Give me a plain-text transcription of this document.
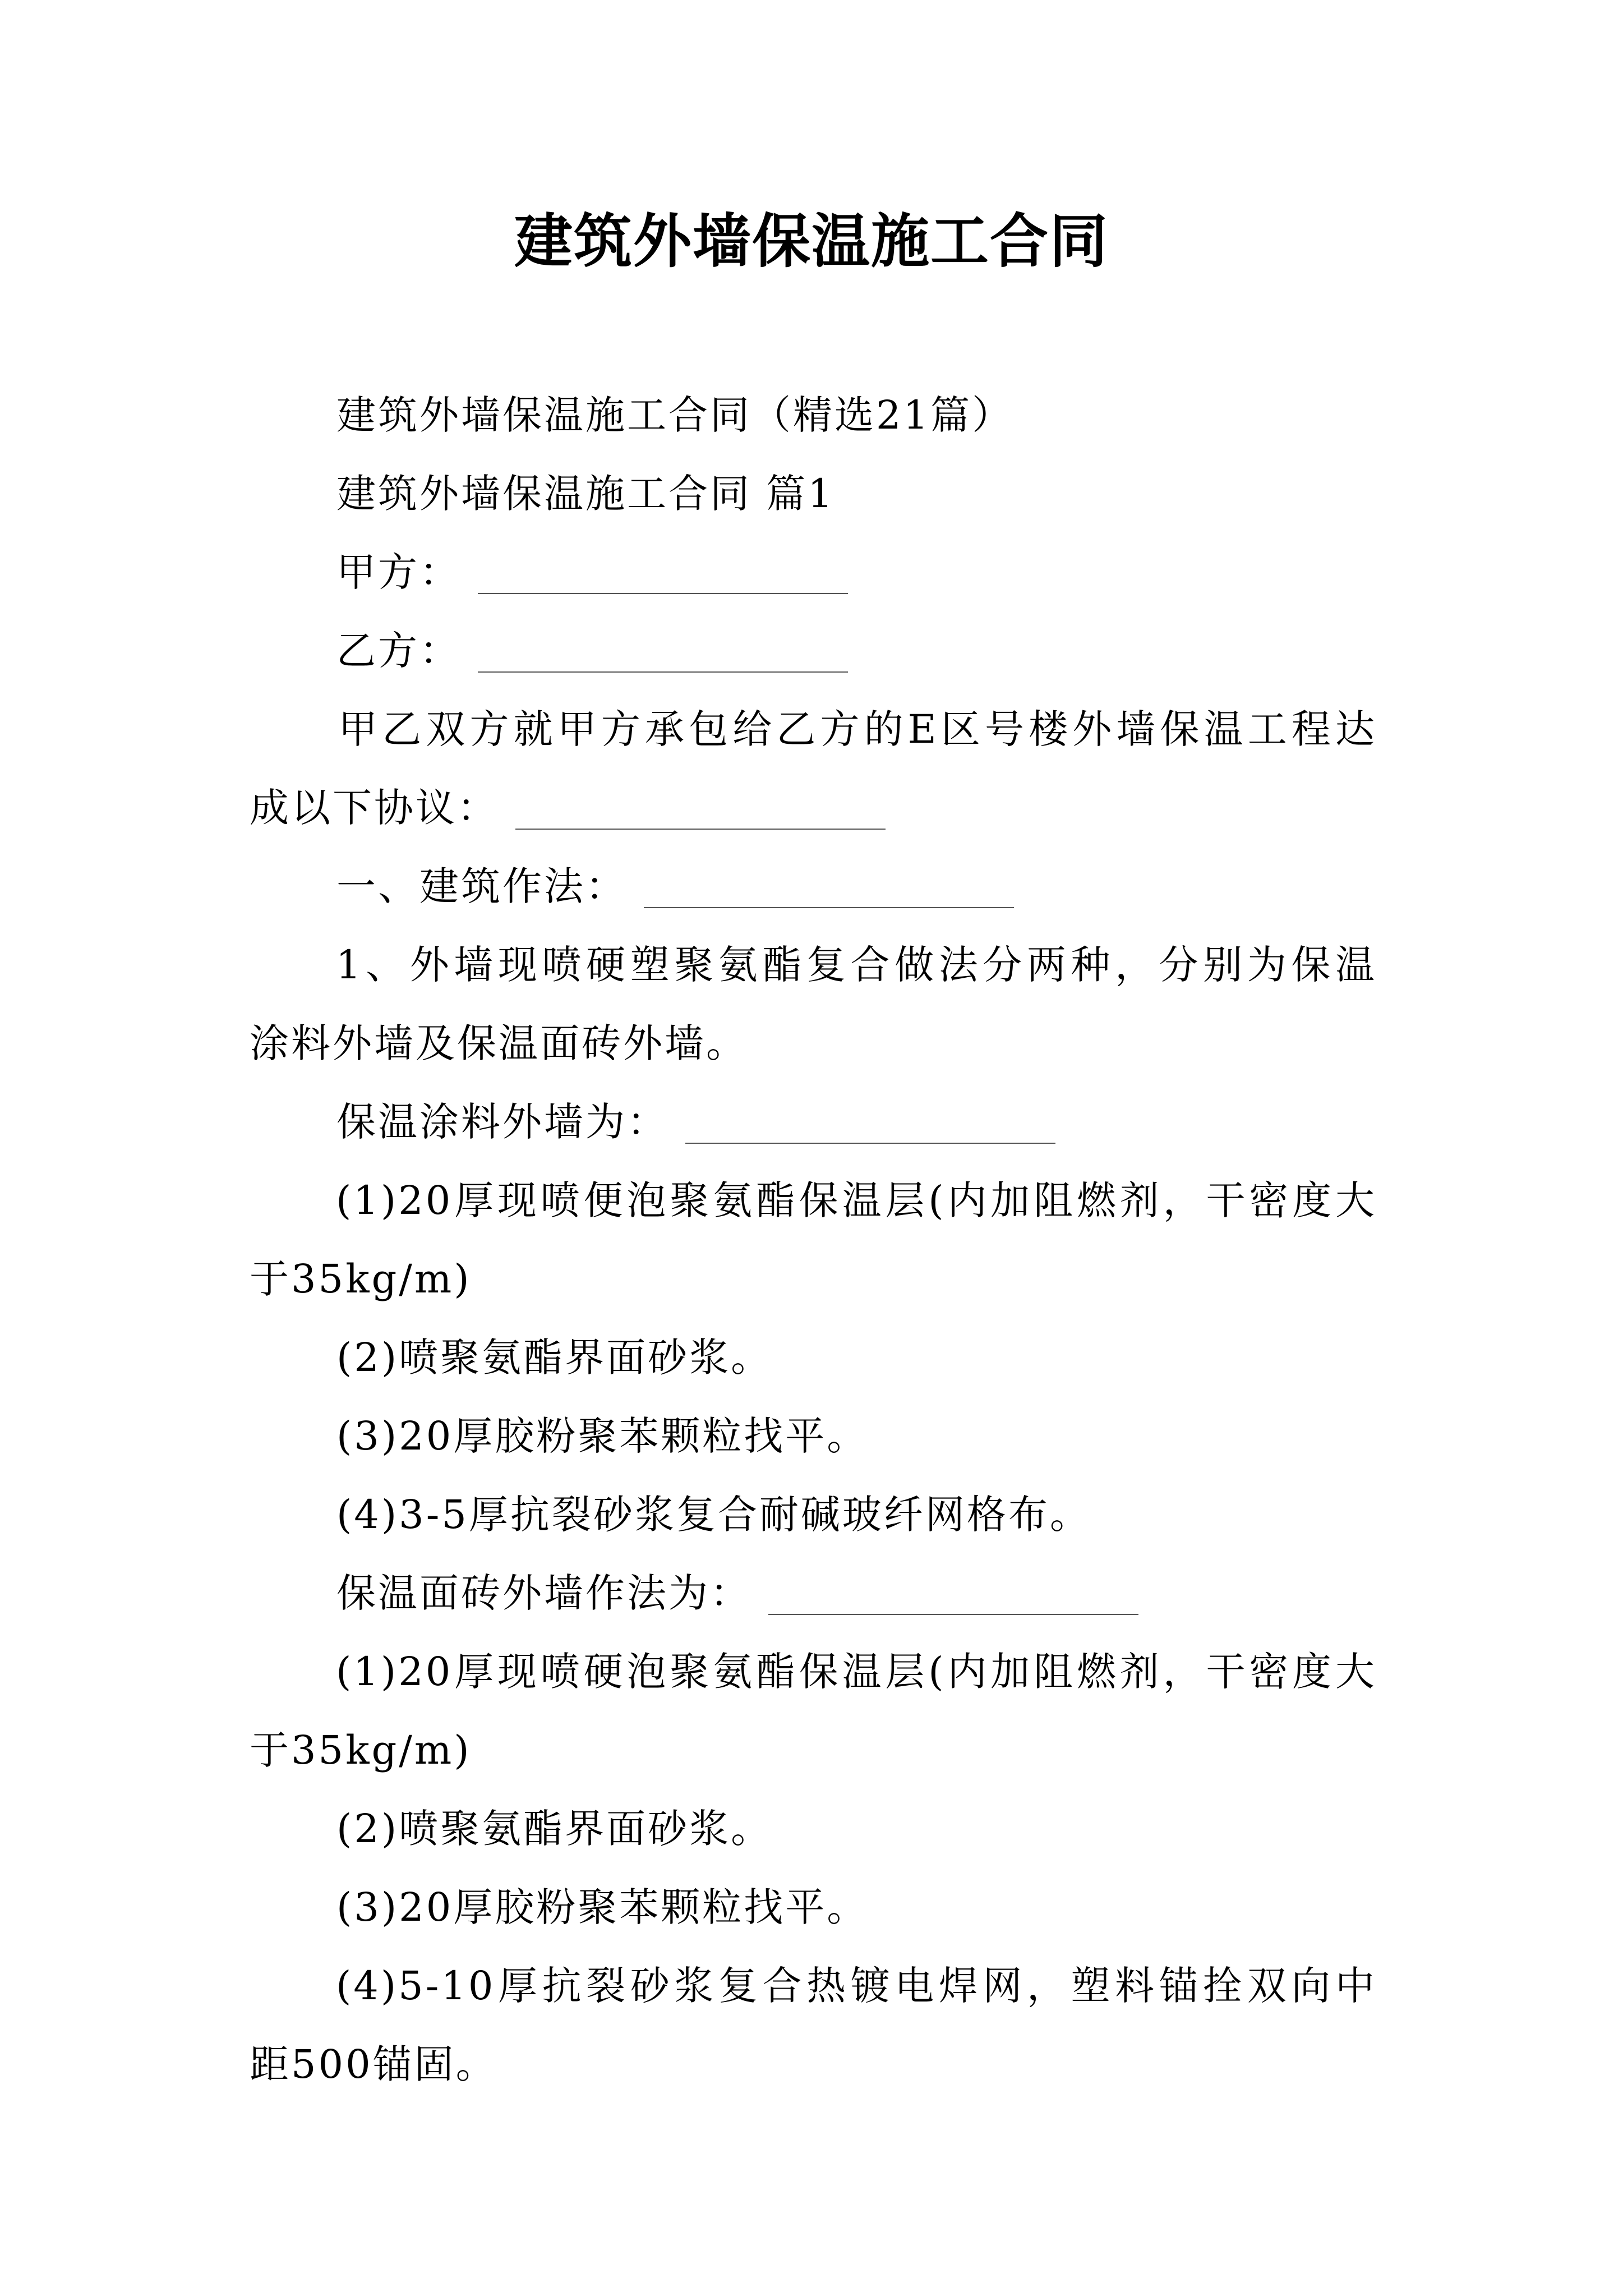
建筑外墙保温施工合同
建筑外墙保温施工合同（精选21篇）
建筑外墙保温施工合同 篇1
甲方：
乙方：
甲乙双方就甲方承包给乙方的E区号楼外墙保温工程达
成以下协议：
一、建筑作法：
1、外墙现喷硬塑聚氨酯复合做法分两种，分别为保温
涂料外墙及保温面砖外墙。
保温涂料外墙为：
(1)20厚现喷便泡聚氨酯保温层(内加阻燃剂，干密度大
于35kg/m)
(2)喷聚氨酯界面砂浆。
(3)20厚胶粉聚苯颗粒找平。
(4)3-5厚抗裂砂浆复合耐碱玻纤网格布。
保温面砖外墙作法为：
(1)20厚现喷硬泡聚氨酯保温层(内加阻燃剂，干密度大
于35kg/m)
(2)喷聚氨酯界面砂浆。
(3)20厚胶粉聚苯颗粒找平。
(4)5-10厚抗裂砂浆复合热镀电焊网，塑料锚拴双向中
距500锚固。
